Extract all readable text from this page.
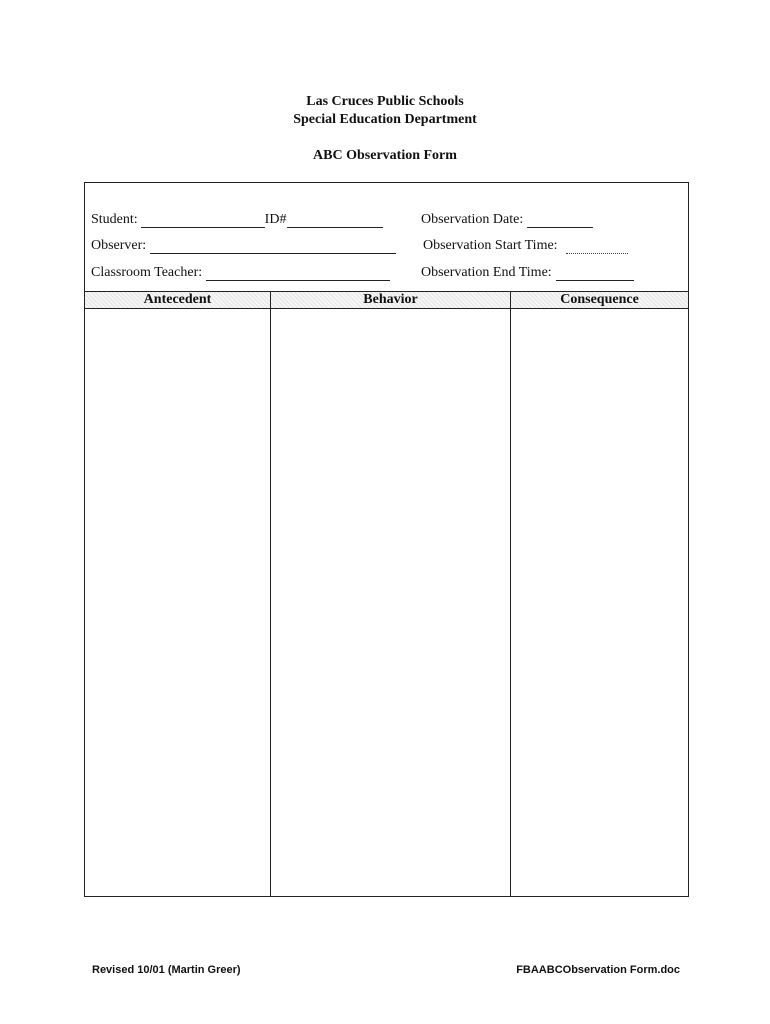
Las Cruces Public Schools
Special Education Department
ABC Observation Form
Student:	ID#	Observation Date:
Observer:	Observation Start Time:
Classroom Teacher:	Observation End Time:
Antecedent	Behavior	Consequence
Revised 10/01 (Martin Greer)	FBAABCObservation Form.doc
